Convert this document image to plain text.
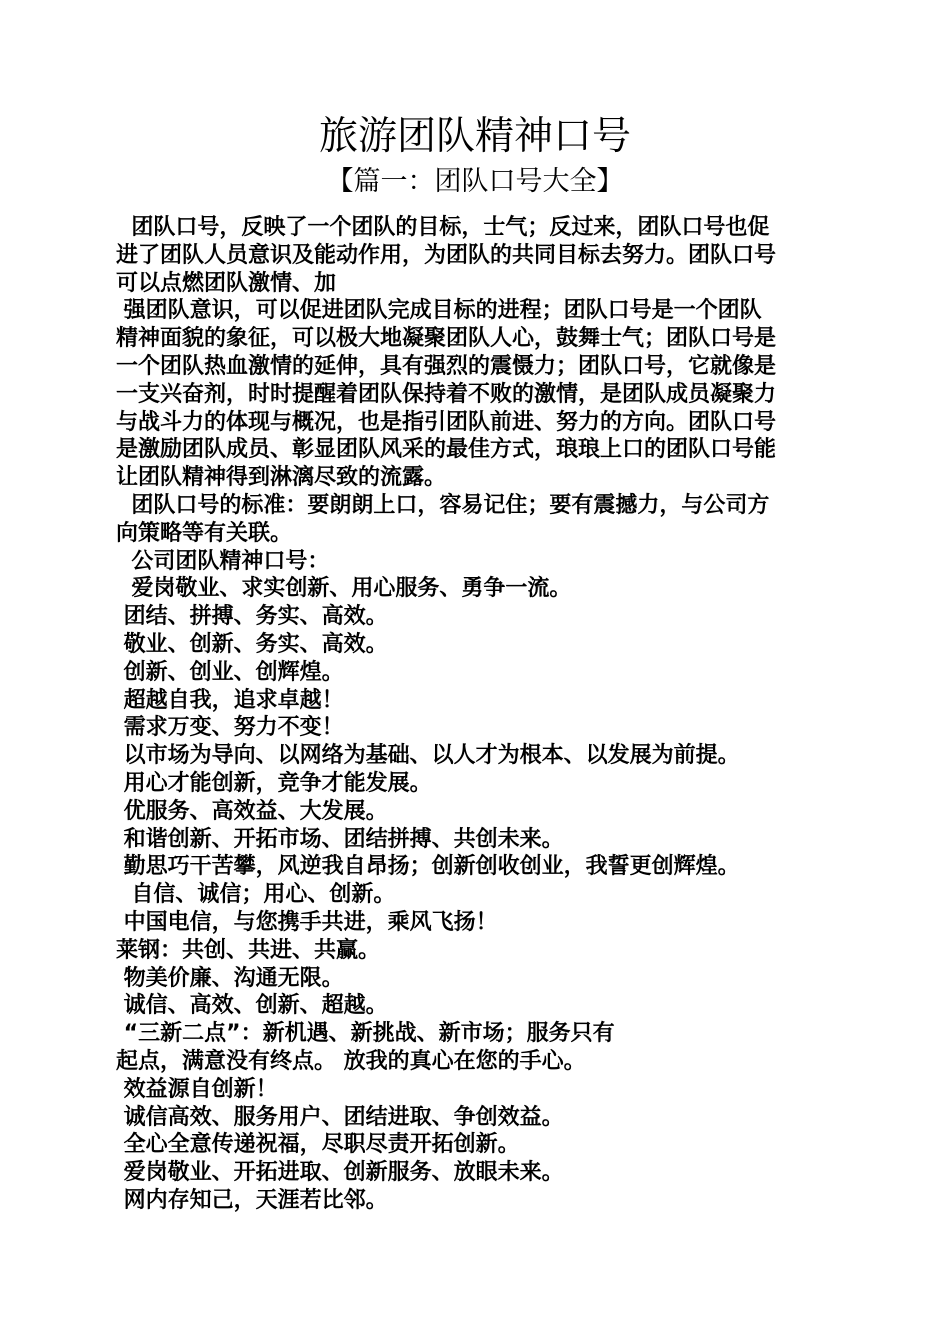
旅游团队精神口号
【篇一：团队口号大全】
团队口号，反映了一个团队的目标，士气；反过来，团队口号也促
进了团队人员意识及能动作用，为团队的共同目标去努力。团队口号
可以点燃团队激情、加
强团队意识，可以促进团队完成目标的进程；团队口号是一个团队
精神面貌的象征，可以极大地凝聚团队人心，鼓舞士气；团队口号是
一个团队热血激情的延伸，具有强烈的震慑力；团队口号，它就像是
一支兴奋剂，时时提醒着团队保持着不败的激情，是团队成员凝聚力
与战斗力的体现与概况，也是指引团队前进、努力的方向。团队口号
是激励团队成员、彰显团队风采的最佳方式，琅琅上口的团队口号能
让团队精神得到淋漓尽致的流露。
团队口号的标准：要朗朗上口，容易记住；要有震撼力，与公司方
向策略等有关联。
公司团队精神口号：
爱岗敬业、求实创新、用心服务、勇争一流。
团结、拼搏、务实、高效。
敬业、创新、务实、高效。
创新、创业、创辉煌。
超越自我，追求卓越！
需求万变、努力不变！
以市场为导向、以网络为基础、以人才为根本、以发展为前提。
用心才能创新，竞争才能发展。
优服务、高效益、大发展。
和谐创新、开拓市场、团结拼搏、共创未来。
勤思巧干苦攀，风逆我自昂扬；创新创收创业，我誓更创辉煌。
自信、诚信；用心、创新。
中国电信，与您携手共进，乘风飞扬！
莱钢：共创、共进、共赢。
物美价廉、沟通无限。
诚信、高效、创新、超越。
“三新二点”：新机遇、新挑战、新市场；服务只有
起点，满意没有终点。 放我的真心在您的手心。
效益源自创新！
诚信高效、服务用户、团结进取、争创效益。
全心全意传递祝福，尽职尽责开拓创新。
爱岗敬业、开拓进取、创新服务、放眼未来。
网内存知己，天涯若比邻。
